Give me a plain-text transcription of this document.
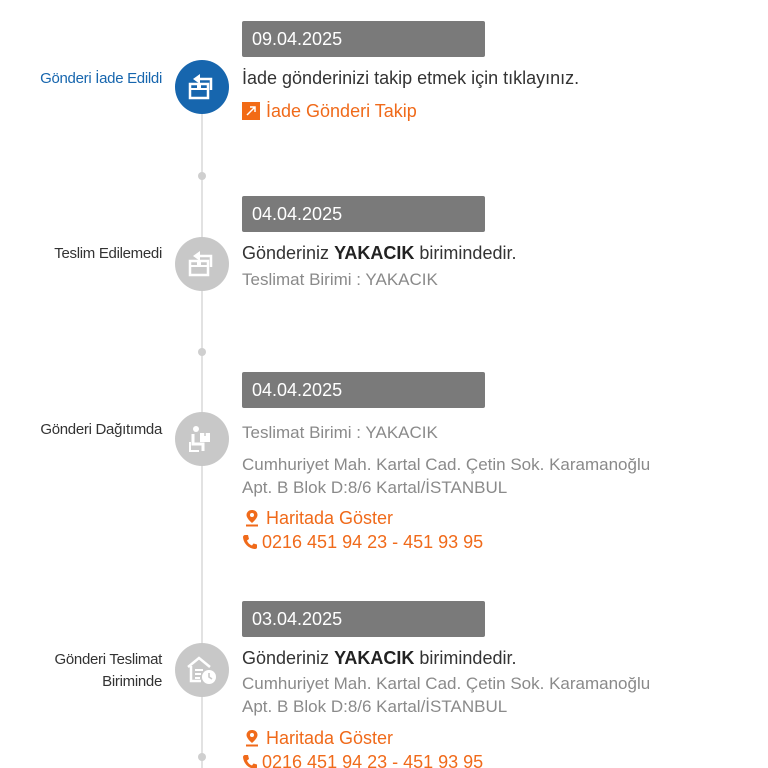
09.04.2025
Gönderi İade Edildi	İade gönderinizi takip etmek için tıklayınız.
İade Gönderi Takip
04.04.2025
Teslim Edilemedi	Gönderiniz YAKACIK birimindedir.
Teslimat Birimi : YAKACIK
04.04.2025
Gönderi Dağıtımda	Teslimat Birimi : YAKACIK
Cumhuriyet Mah. Kartal Cad. Çetin Sok. Karamanoğlu
Apt. B Blok D:8/6 Kartal/İSTANBUL
Haritada Göster
0216 451 94 23 - 451 93 95
03.04.2025
Gönderi Teslimat
Biriminde
Gönderiniz YAKACIK birimindedir.
Cumhuriyet Mah. Kartal Cad. Çetin Sok. Karamanoğlu
Apt. B Blok D:8/6 Kartal/İSTANBUL
Haritada Göster
0216 451 94 23 - 451 93 95
